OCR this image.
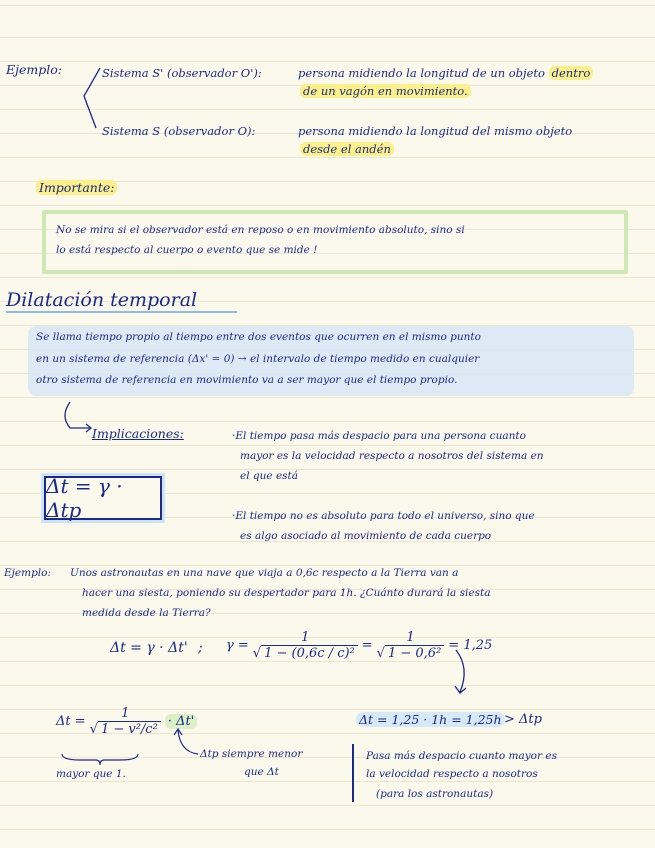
Ejemplo:	Sistema S' (observador O'):	persona midiendo la longitud de un objeto dentro
de un vagón en movimiento.
Sistema S (observador O):	persona midiendo la longitud del mismo objeto
desde el andén
Importante:
No se mira si el observador está en reposo o en movimiento absoluto, sino si
lo está respecto al cuerpo o evento que se mide !
Dilatación temporal
Se llama tiempo propio al tiempo entre dos eventos que ocurren en el mismo punto
en un sistema de referencia (Δx' = 0) → el intervalo de tiempo medido en cualquier
otro sistema de referencia en movimiento va a ser mayor que el tiempo propio.
Implicaciones:	·El tiempo pasa más despacio para una persona cuanto
mayor es la velocidad respecto a nosotros del sistema en
el que está
Δt = γ · Δtp	·El tiempo no es absoluto para todo el universo, sino que
es algo asociado al movimiento de cada cuerpo
Ejemplo: Unos astronautas en una nave que viaja a 0,6c respecto a la Tierra van a
hacer una siesta, poniendo su despertador para 1h. ¿Cuánto durará la siesta
medida desde la Tierra?
Δt = γ · Δt' ; $\gamma = \frac{1}{\text{√ 1 − (0,6c / c)²}} = \frac{1}{\text{√ 1 − 0,6²}} = 1,25$
$\Delta t = \frac{1}{\text{√ 1 − v²/c²}} \cdot \Delta t'$
mayor que 1.
Δtp siempre menor
que Δt
Δt = 1,25 · 1h = 1,25h > Δtp
Pasa más despacio cuanto mayor es
la velocidad respecto a nosotros
(para los astronautas)
